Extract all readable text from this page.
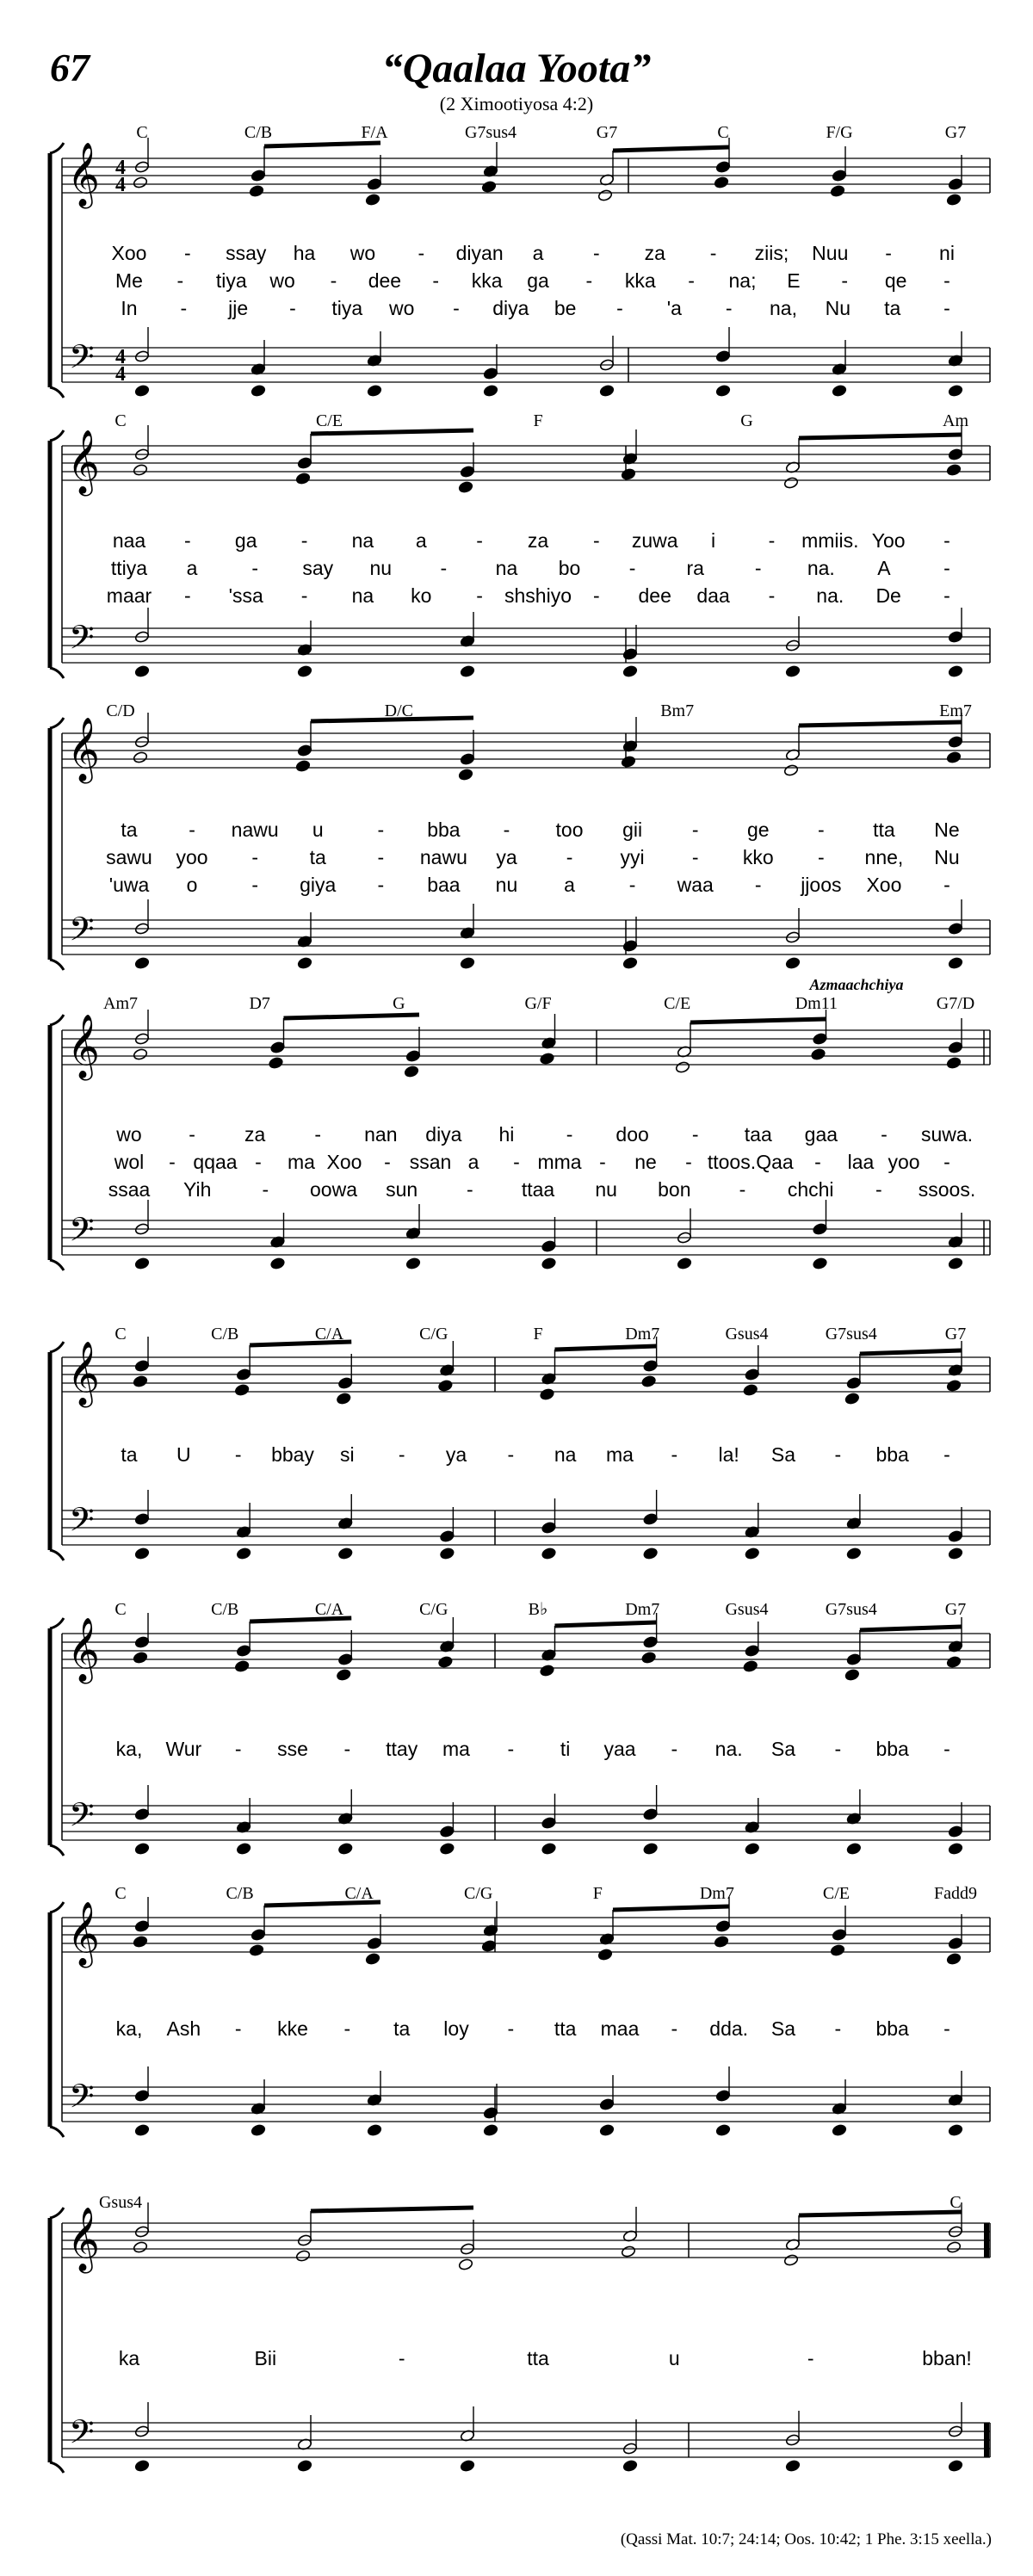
67	“Qaalaa Yoota”
(2 Ximootiyosa 4:2)
𝄞
𝄢
4
4
4
4
C	C/B	F/A	G7sus4	G7	C	F/G	G7
Xoo - ssay ha wo - diyan a	- za - ziis; Nuu - ni
Me - tiya wo - dee - kka ga - kka - na; E - qe -
In - jje - tiya wo - diya be - 'a - na, Nu ta -
𝄞
𝄢
C	C/E	F	G	Am
naa - ga - na a	- za - zuwa i	- mmiis. Yoo -
ttiya a	- say nu - na bo -	ra	- na. A	-
maar - 'ssa - na ko - shshiyo - dee daa - na. De -
𝄞
𝄢
C/D	D/C	Bm7	Em7
ta	- nawu u	- bba - too gii	- ge - tta Ne
sawu yoo -	ta	- nawu ya - yyi - kko - nne, Nu
'uwa o	- giya - baa nu a	- waa - jjoos Xoo -
𝄞
𝄢
Am7	D7	G	G/F	C/E	Dm11	G7/D
Azmaachchiya
wo - za - nan diya hi	- doo - taa gaa - suwa.
wol - qqaa - ma Xoo - ssan a - mma - ne - ttoos. Qaa - laa yoo -
ssaa Yih	- oowa sun - ttaa nu bon - chchi - ssoos.
𝄞
𝄢
C	C/B	C/A	C/G	F	Dm7	Gsus4	G7sus4	G7
ta U - bbay si - ya - na ma - la! Sa - bba -
𝄞
𝄢
C	C/B	C/A	C/G	B♭	Dm7	Gsus4	G7sus4	G7
ka, Wur - sse - ttay ma - ti yaa - na. Sa - bba -
𝄞
𝄢
C	C/B	C/A	C/G	F	Dm7	C/E	Fadd9
ka, Ash - kke - ta loy - tta maa - dda. Sa - bba -
𝄞
𝄢
Gsus4	C
ka	Bii	-	tta	u	-	bban!
(Qassi Mat. 10:7; 24:14; Oos. 10:42; 1 Phe. 3:15 xeella.)
